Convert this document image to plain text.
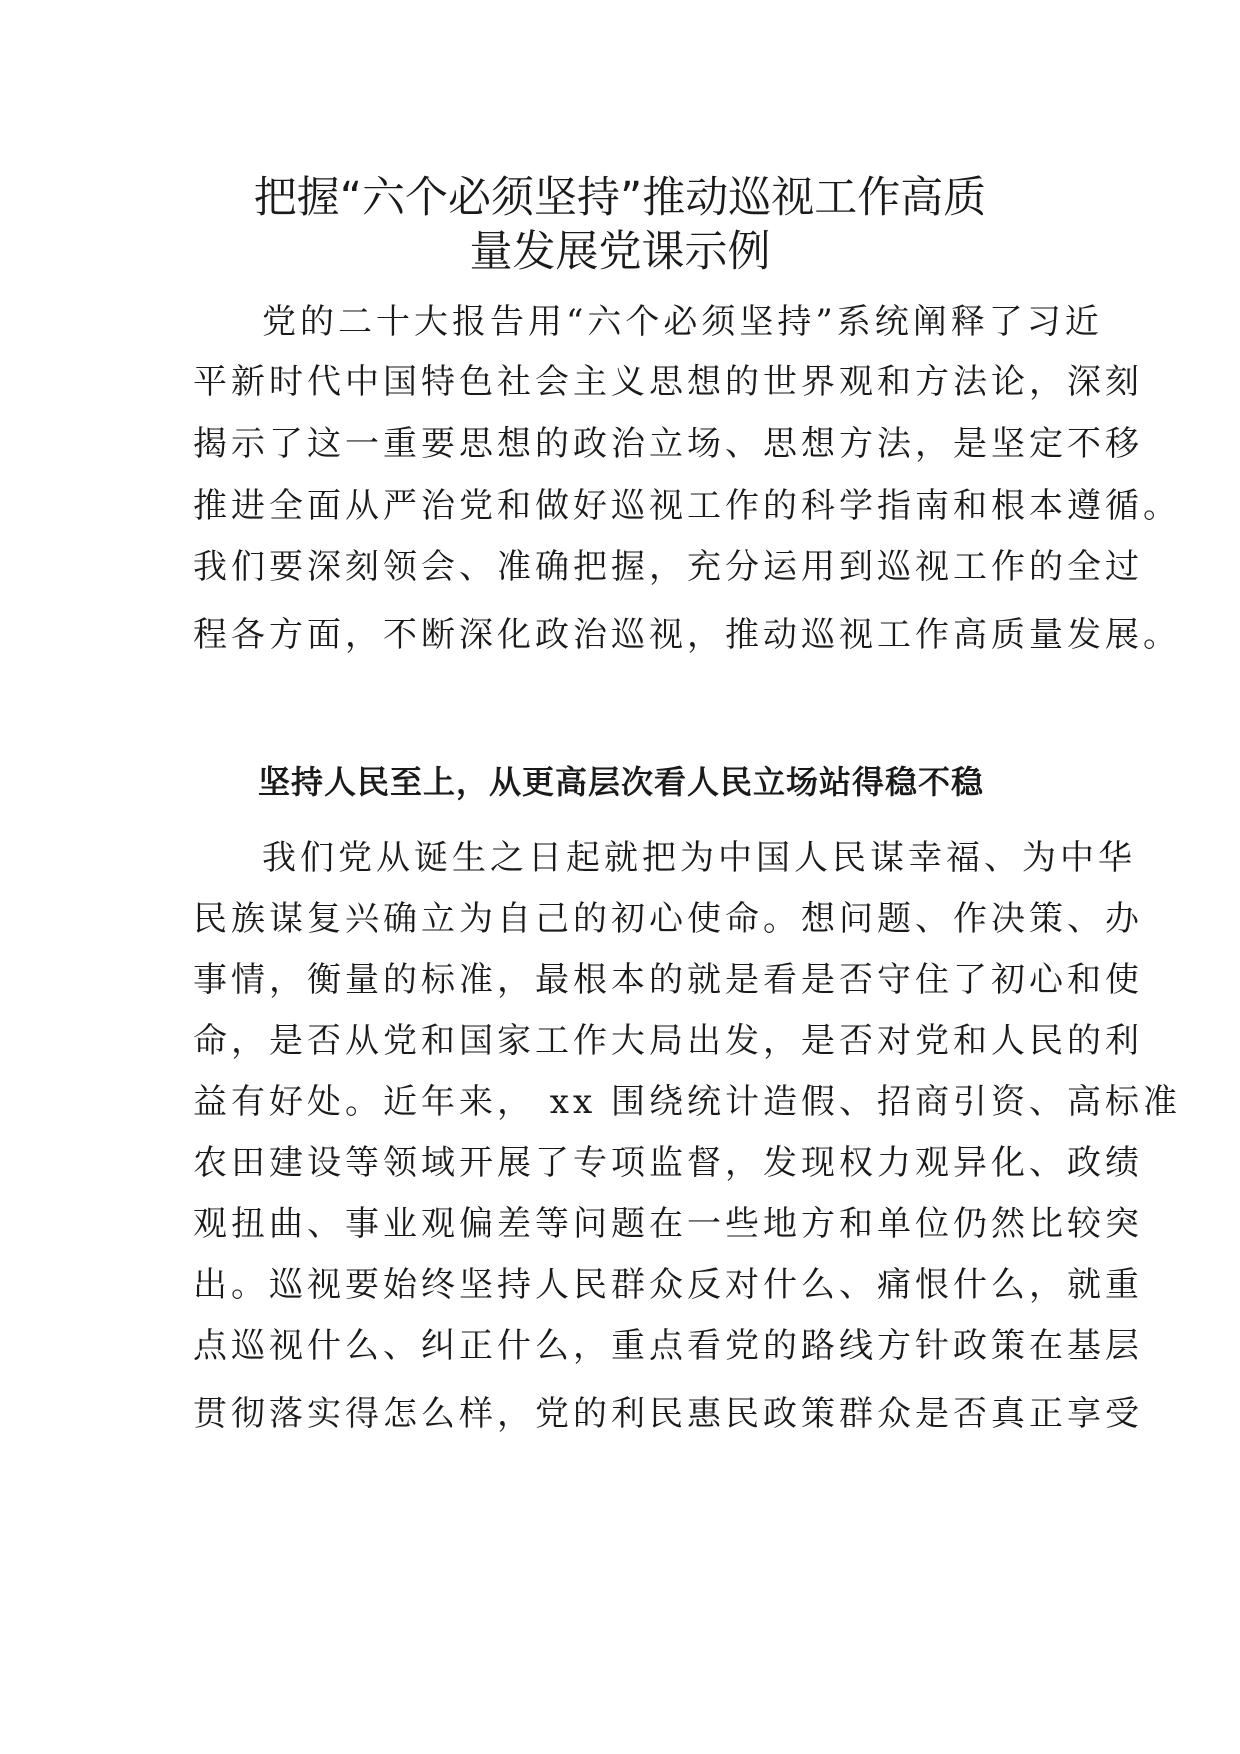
把握“六个必须坚持”推动巡视工作高质
量发展党课示例

党的二十大报告用“六个必须坚持”系统阐释了习近

平新时代中国特色社会主义思想的世界观和方法论，深刻

揭示了这一重要思想的政治立场、思想方法，是坚定不移

推进全面从严治党和做好巡视工作的科学指南和根本遵循。

我们要深刻领会、准确把握，充分运用到巡视工作的全过

程各方面，不断深化政治巡视，推动巡视工作高质量发展。

坚持人民至上，从更高层次看人民立场站得稳不稳

我们党从诞生之日起就把为中国人民谋幸福、为中华

民族谋复兴确立为自己的初心使命。想问题、作决策、办

事情，衡量的标准，最根本的就是看是否守住了初心和使

命，是否从党和国家工作大局出发，是否对党和人民的利

益有好处。近年来， xx 围绕统计造假、招商引资、高标准

农田建设等领域开展了专项监督，发现权力观异化、政绩

观扭曲、事业观偏差等问题在一些地方和单位仍然比较突

出。巡视要始终坚持人民群众反对什么、痛恨什么，就重

点巡视什么、纠正什么，重点看党的路线方针政策在基层

贯彻落实得怎么样，党的利民惠民政策群众是否真正享受
